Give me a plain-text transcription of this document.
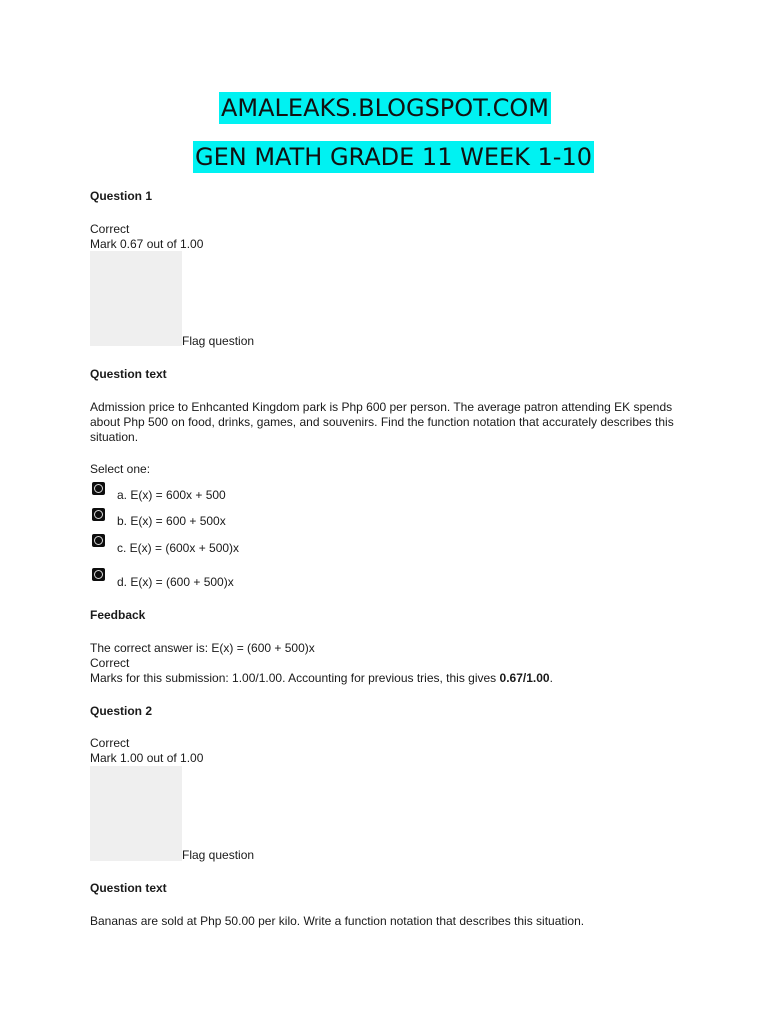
AMALEAKS.BLOGSPOT.COM
GEN MATH GRADE 11 WEEK 1-10
Question 1
Correct
Mark 0.67 out of 1.00
Flag question
Question text
Admission price to Enhcanted Kingdom park is Php 600 per person. The average patron attending EK spends about Php 500 on food, drinks, games, and souvenirs. Find the function notation that accurately describes this situation.
Select one:
a. E(x) = 600x + 500
b. E(x) = 600 + 500x
c. E(x) = (600x + 500)x
d. E(x) = (600 + 500)x
Feedback
The correct answer is: E(x) = (600 + 500)x
Correct
Marks for this submission: 1.00/1.00. Accounting for previous tries, this gives 0.67/1.00.
Question 2
Correct
Mark 1.00 out of 1.00
Flag question
Question text
Bananas are sold at Php 50.00 per kilo. Write a function notation that describes this situation.
